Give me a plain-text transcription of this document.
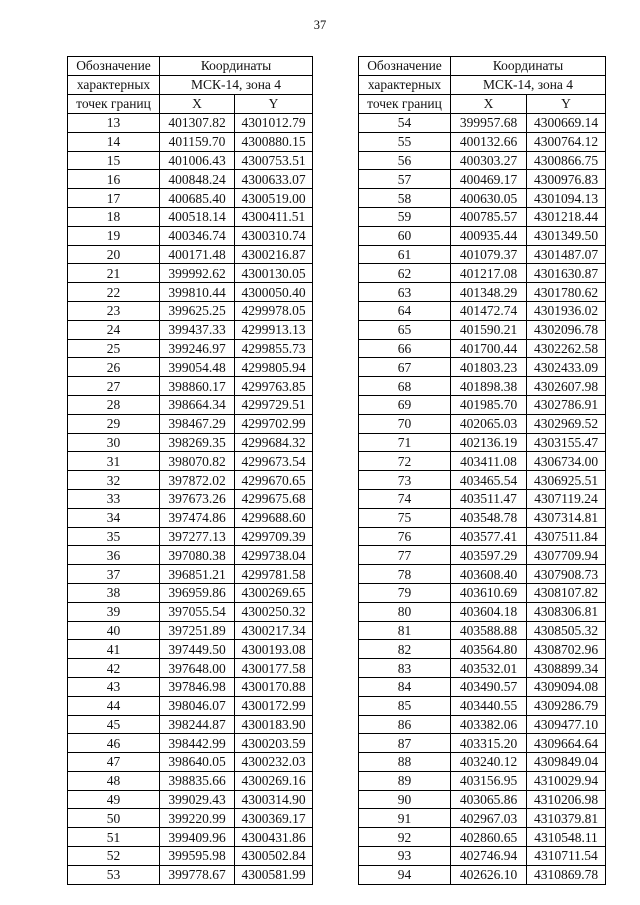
37
Обозначение	Координаты	
характерных	МСК-14, зона 4	
точек границ	X	Y
13	401307.82	4301012.79
14	401159.70	4300880.15
15	401006.43	4300753.51
16	400848.24	4300633.07
17	400685.40	4300519.00
18	400518.14	4300411.51
19	400346.74	4300310.74
20	400171.48	4300216.87
21	399992.62	4300130.05
22	399810.44	4300050.40
23	399625.25	4299978.05
24	399437.33	4299913.13
25	399246.97	4299855.73
26	399054.48	4299805.94
27	398860.17	4299763.85
28	398664.34	4299729.51
29	398467.29	4299702.99
30	398269.35	4299684.32
31	398070.82	4299673.54
32	397872.02	4299670.65
33	397673.26	4299675.68
34	397474.86	4299688.60
35	397277.13	4299709.39
36	397080.38	4299738.04
37	396851.21	4299781.58
38	396959.86	4300269.65
39	397055.54	4300250.32
40	397251.89	4300217.34
41	397449.50	4300193.08
42	397648.00	4300177.58
43	397846.98	4300170.88
44	398046.07	4300172.99
45	398244.87	4300183.90
46	398442.99	4300203.59
47	398640.05	4300232.03
48	398835.66	4300269.16
49	399029.43	4300314.90
50	399220.99	4300369.17
51	399409.96	4300431.86
52	399595.98	4300502.84
53	399778.67	4300581.99
Обозначение	Координаты	
характерных	МСК-14, зона 4	
точек границ	X	Y
54	399957.68	4300669.14
55	400132.66	4300764.12
56	400303.27	4300866.75
57	400469.17	4300976.83
58	400630.05	4301094.13
59	400785.57	4301218.44
60	400935.44	4301349.50
61	401079.37	4301487.07
62	401217.08	4301630.87
63	401348.29	4301780.62
64	401472.74	4301936.02
65	401590.21	4302096.78
66	401700.44	4302262.58
67	401803.23	4302433.09
68	401898.38	4302607.98
69	401985.70	4302786.91
70	402065.03	4302969.52
71	402136.19	4303155.47
72	403411.08	4306734.00
73	403465.54	4306925.51
74	403511.47	4307119.24
75	403548.78	4307314.81
76	403577.41	4307511.84
77	403597.29	4307709.94
78	403608.40	4307908.73
79	403610.69	4308107.82
80	403604.18	4308306.81
81	403588.88	4308505.32
82	403564.80	4308702.96
83	403532.01	4308899.34
84	403490.57	4309094.08
85	403440.55	4309286.79
86	403382.06	4309477.10
87	403315.20	4309664.64
88	403240.12	4309849.04
89	403156.95	4310029.94
90	403065.86	4310206.98
91	402967.03	4310379.81
92	402860.65	4310548.11
93	402746.94	4310711.54
94	402626.10	4310869.78
